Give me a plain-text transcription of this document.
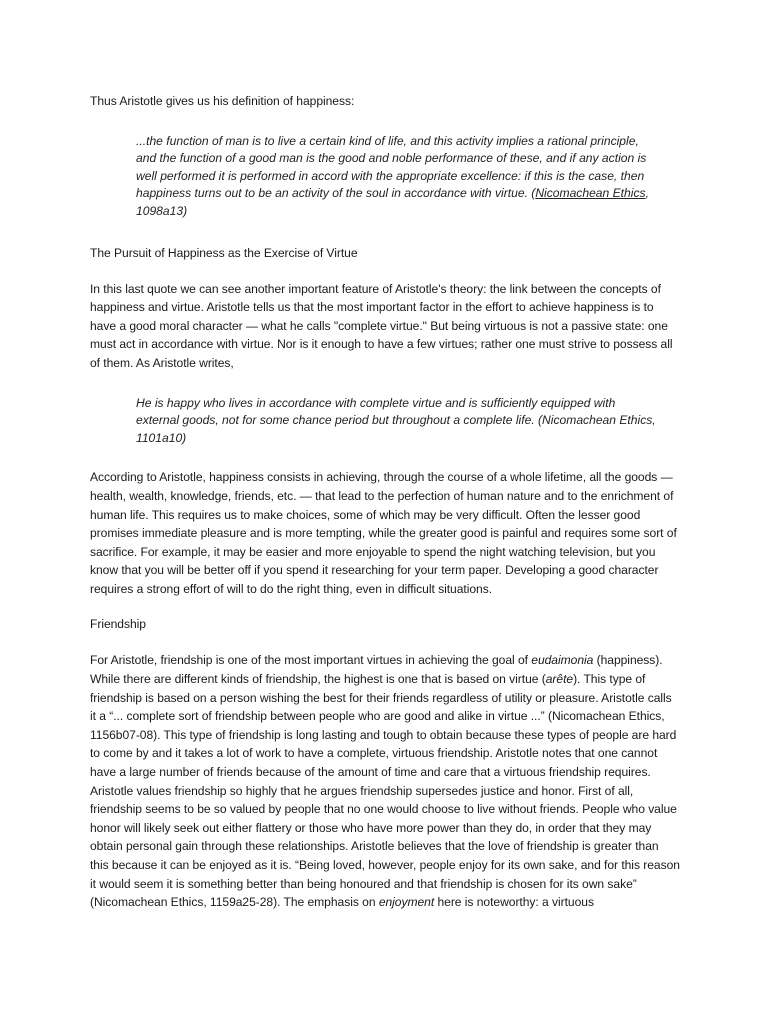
Thus Aristotle gives us his definition of happiness:

...the function of man is to live a certain kind of life, and this activity implies a rational principle, and the function of a good man is the good and noble performance of these, and if any action is well performed it is performed in accord with the appropriate excellence: if this is the case, then happiness turns out to be an activity of the soul in accordance with virtue. (Nicomachean Ethics, 1098a13)

The Pursuit of Happiness as the Exercise of Virtue

In this last quote we can see another important feature of Aristotle's theory: the link between the concepts of happiness and virtue. Aristotle tells us that the most important factor in the effort to achieve happiness is to have a good moral character — what he calls "complete virtue." But being virtuous is not a passive state: one must act in accordance with virtue. Nor is it enough to have a few virtues; rather one must strive to possess all of them. As Aristotle writes,

He is happy who lives in accordance with complete virtue and is sufficiently equipped with external goods, not for some chance period but throughout a complete life. (Nicomachean Ethics, 1101a10)

According to Aristotle, happiness consists in achieving, through the course of a whole lifetime, all the goods — health, wealth, knowledge, friends, etc. — that lead to the perfection of human nature and to the enrichment of human life. This requires us to make choices, some of which may be very difficult. Often the lesser good promises immediate pleasure and is more tempting, while the greater good is painful and requires some sort of sacrifice. For example, it may be easier and more enjoyable to spend the night watching television, but you know that you will be better off if you spend it researching for your term paper. Developing a good character requires a strong effort of will to do the right thing, even in difficult situations.

Friendship

For Aristotle, friendship is one of the most important virtues in achieving the goal of eudaimonia (happiness). While there are different kinds of friendship, the highest is one that is based on virtue (arête). This type of friendship is based on a person wishing the best for their friends regardless of utility or pleasure. Aristotle calls it a “... complete sort of friendship between people who are good and alike in virtue ...” (Nicomachean Ethics, 1156b07-08). This type of friendship is long lasting and tough to obtain because these types of people are hard to come by and it takes a lot of work to have a complete, virtuous friendship. Aristotle notes that one cannot have a large number of friends because of the amount of time and care that a virtuous friendship requires. Aristotle values friendship so highly that he argues friendship supersedes justice and honor. First of all, friendship seems to be so valued by people that no one would choose to live without friends. People who value honor will likely seek out either flattery or those who have more power than they do, in order that they may obtain personal gain through these relationships. Aristotle believes that the love of friendship is greater than this because it can be enjoyed as it is. “Being loved, however, people enjoy for its own sake, and for this reason it would seem it is something better than being honoured and that friendship is chosen for its own sake” (Nicomachean Ethics, 1159a25-28). The emphasis on enjoyment here is noteworthy: a virtuous
